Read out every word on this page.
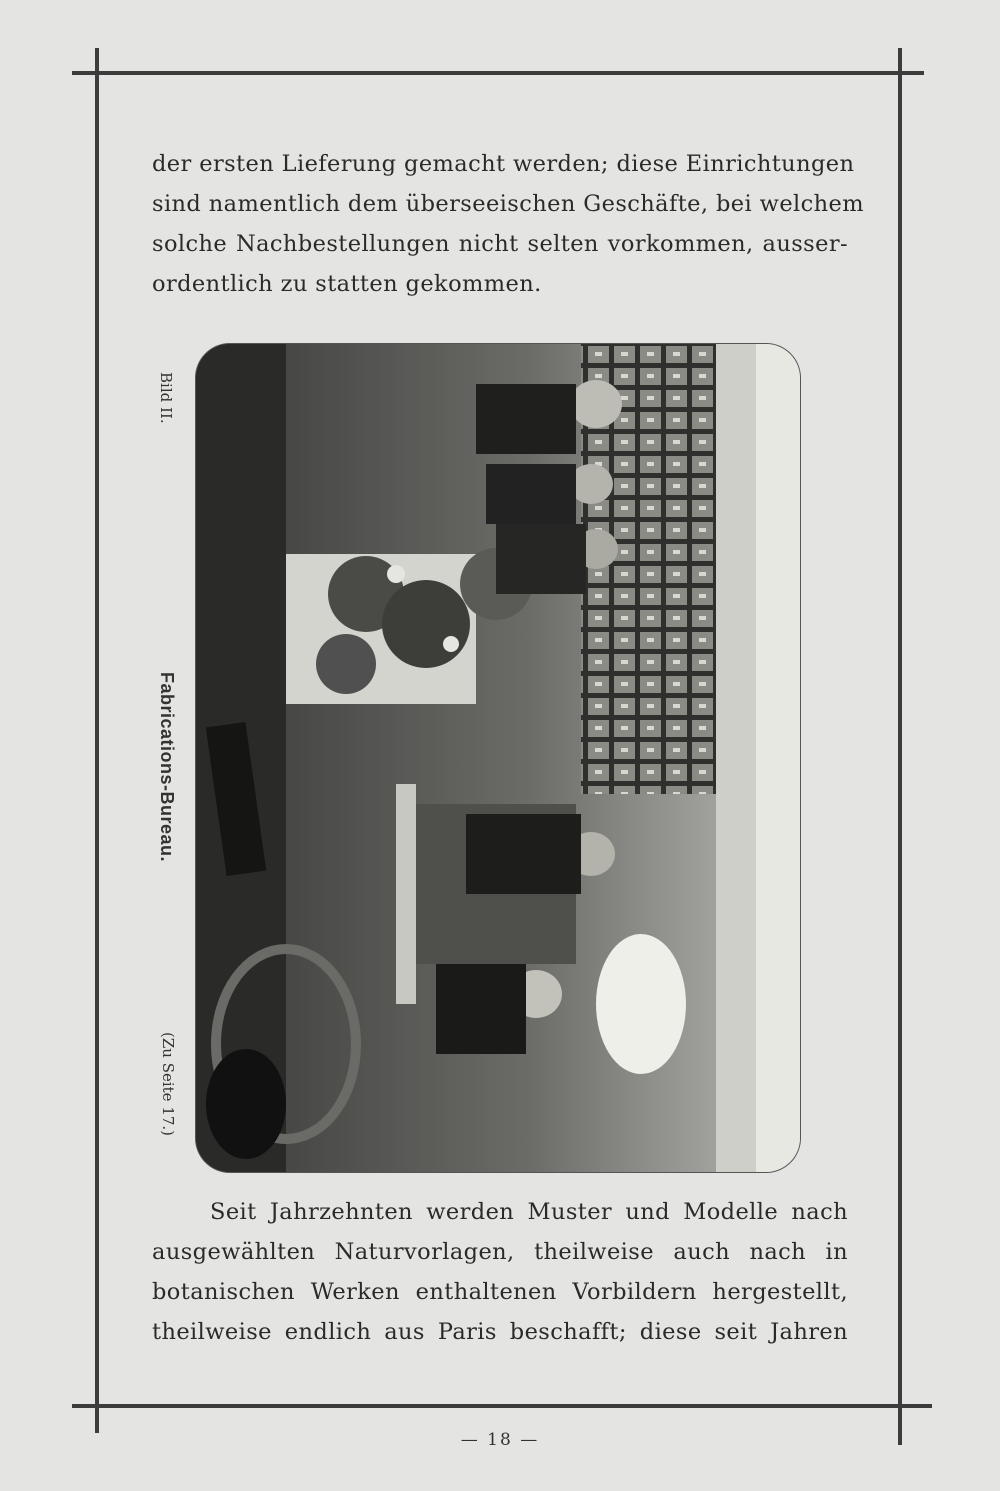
der ersten Lieferung gemacht werden; diese Einrichtungen
sind namentlich dem überseeischen Geschäfte, bei welchem
solche Nachbestellungen nicht selten vorkommen, ausser-
ordentlich zu statten gekommen.
Bild II.
Fabrications-Bureau.
(Zu Seite 17.)
Seit Jahrzehnten werden Muster und Modelle nach
ausgewählten Naturvorlagen, theilweise auch nach in
botanischen Werken enthaltenen Vorbildern hergestellt,
theilweise endlich aus Paris beschafft; diese seit Jahren
— 18 —
